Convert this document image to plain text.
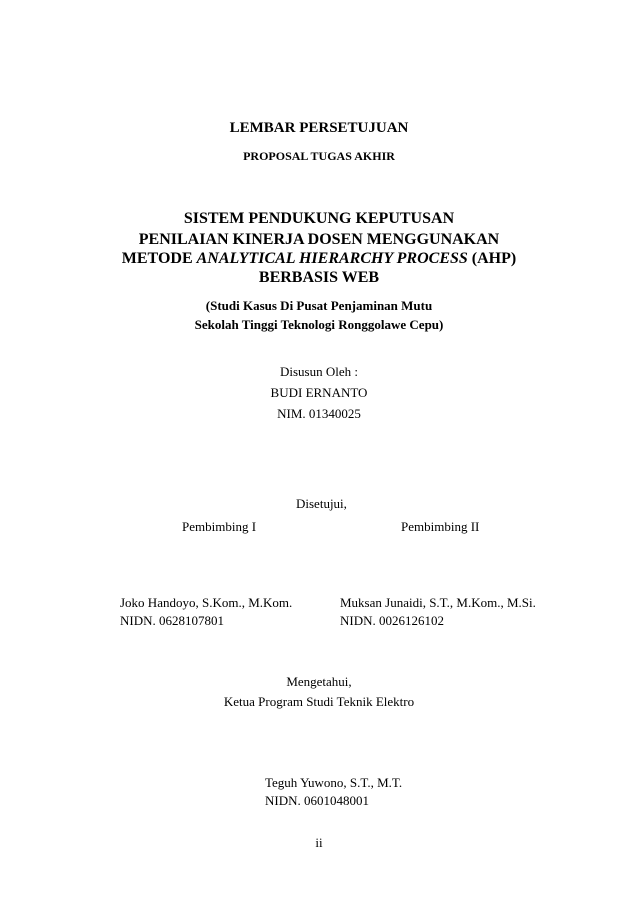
LEMBAR PERSETUJUAN
PROPOSAL TUGAS AKHIR
SISTEM PENDUKUNG KEPUTUSAN
PENILAIAN KINERJA DOSEN MENGGUNAKAN
METODE ANALYTICAL HIERARCHY PROCESS (AHP)
BERBASIS WEB
(Studi Kasus Di Pusat Penjaminan Mutu
Sekolah Tinggi Teknologi Ronggolawe Cepu)
Disusun Oleh :
BUDI ERNANTO
NIM. 01340025
Disetujui,
Pembimbing I	Pembimbing II
Joko Handoyo, S.Kom., M.Kom.
NIDN. 0628107801
Muksan Junaidi, S.T., M.Kom., M.Si.
NIDN. 0026126102
Mengetahui,
Ketua Program Studi Teknik Elektro
Teguh Yuwono, S.T., M.T.
NIDN. 0601048001
ii
